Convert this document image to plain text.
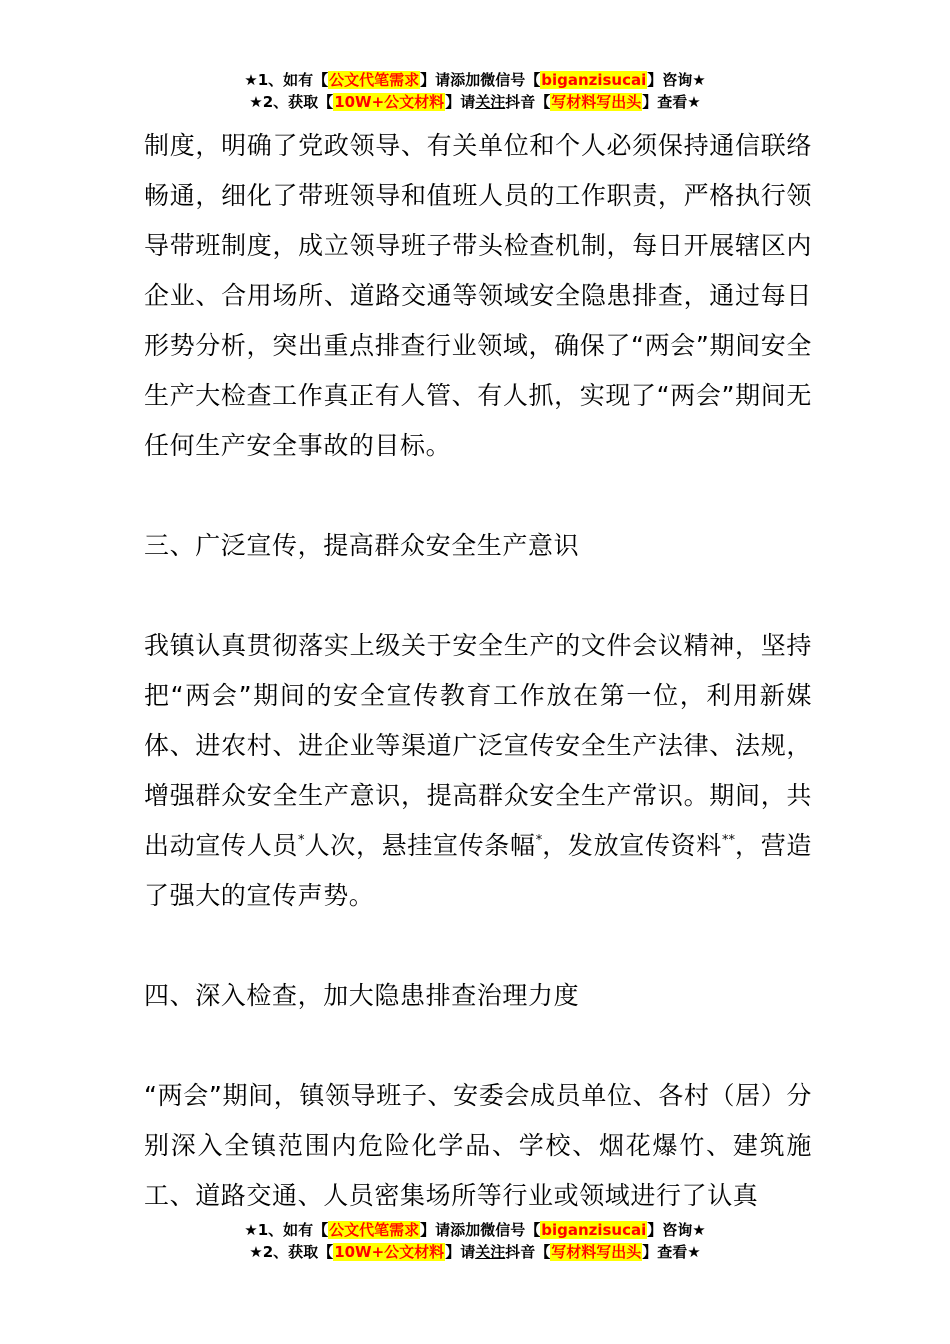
★1、如有【公文代笔需求】请添加微信号【biganzisucai】咨询★
★2、获取【10W+公文材料】请关注抖音【写材料写出头】查看★

制度，明确了党政领导、有关单位和个人必须保持通信联络畅通，细化了带班领导和值班人员的工作职责，严格执行领导带班制度，成立领导班子带头检查机制，每日开展辖区内企业、合用场所、道路交通等领域安全隐患排查，通过每日形势分析，突出重点排查行业领域，确保了“两会”期间安全生产大检查工作真正有人管、有人抓，实现了“两会”期间无任何生产安全事故的目标。

三、广泛宣传，提高群众安全生产意识

我镇认真贯彻落实上级关于安全生产的文件会议精神，坚持把“两会”期间的安全宣传教育工作放在第一位，利用新媒体、进农村、进企业等渠道广泛宣传安全生产法律、法规，增强群众安全生产意识，提高群众安全生产常识。期间，共出动宣传人员*人次，悬挂宣传条幅*，发放宣传资料**，营造了强大的宣传声势。

四、深入检查，加大隐患排查治理力度

“两会”期间，镇领导班子、安委会成员单位、各村（居）分别深入全镇范围内危险化学品、学校、烟花爆竹、建筑施工、道路交通、人员密集场所等行业或领域进行了认真

★1、如有【公文代笔需求】请添加微信号【biganzisucai】咨询★
★2、获取【10W+公文材料】请关注抖音【写材料写出头】查看★
